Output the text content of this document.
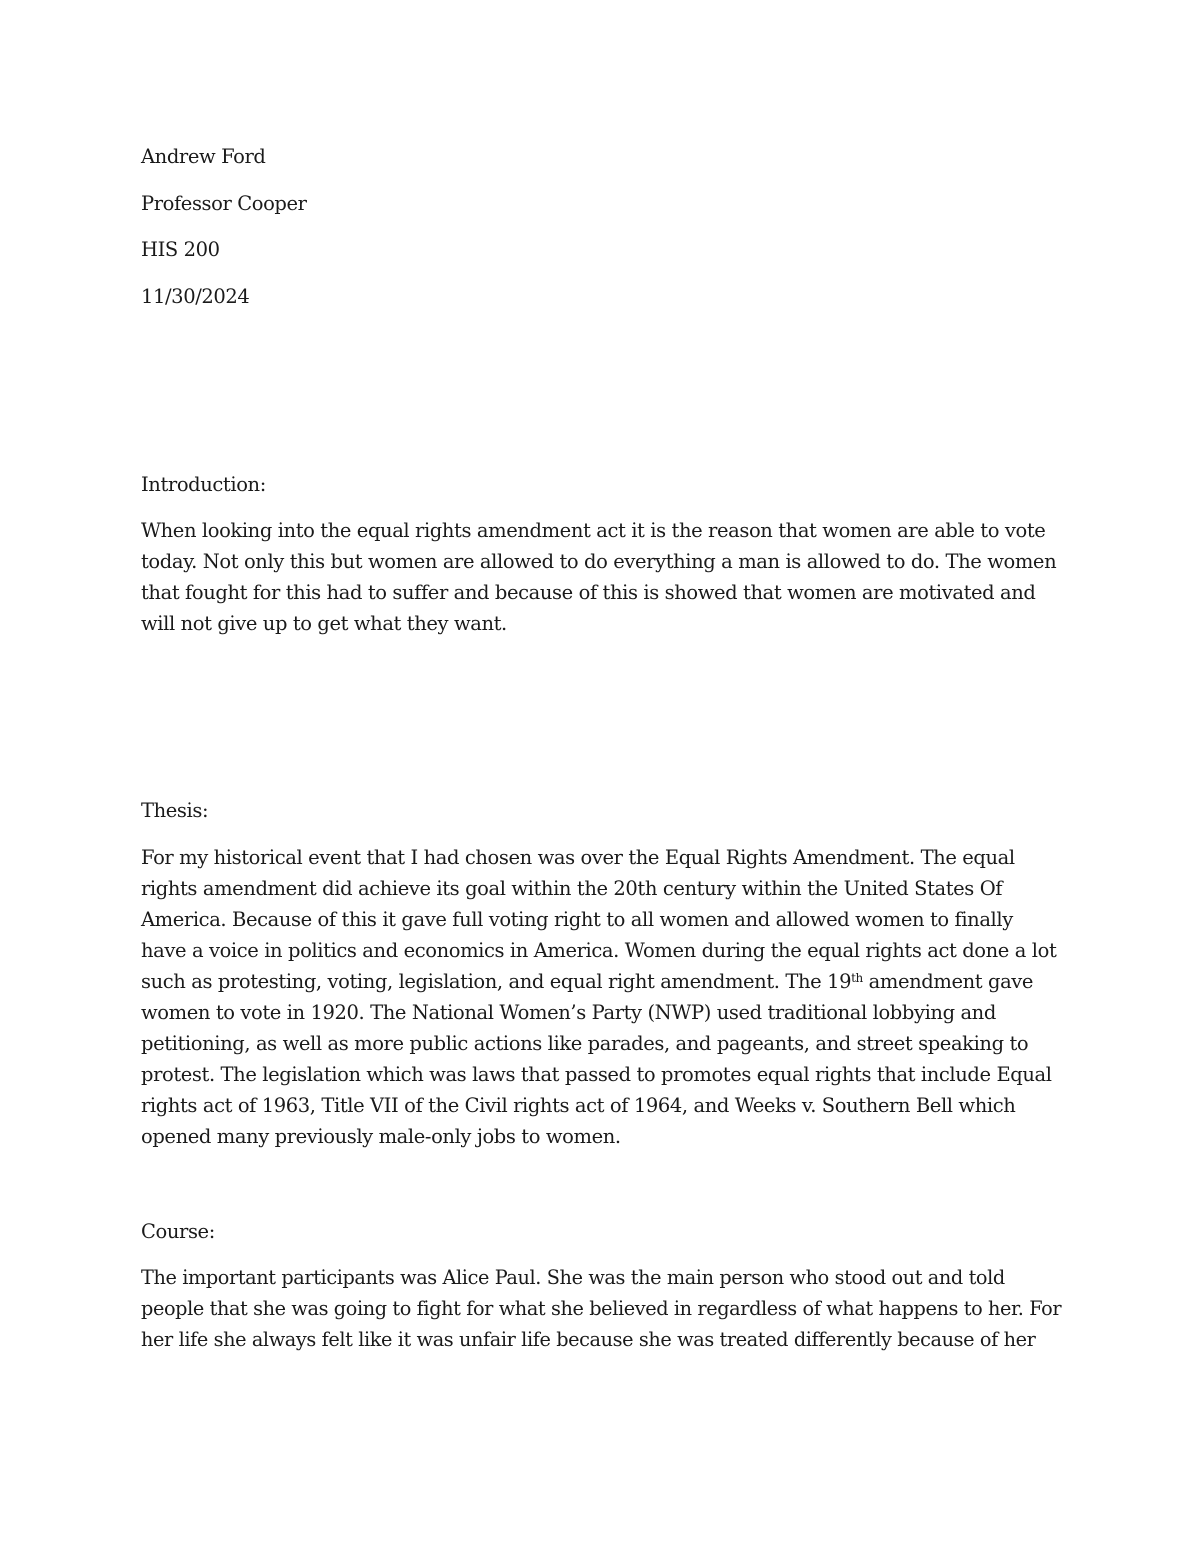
Andrew Ford

Professor Cooper

HIS 200

11/30/2024

Introduction:

When looking into the equal rights amendment act it is the reason that women are able to vote
today. Not only this but women are allowed to do everything a man is allowed to do. The women
that fought for this had to suffer and because of this is showed that women are motivated and
will not give up to get what they want.

Thesis:

For my historical event that I had chosen was over the Equal Rights Amendment. The equal
rights amendment did achieve its goal within the 20th century within the United States Of
America. Because of this it gave full voting right to all women and allowed women to finally
have a voice in politics and economics in America. Women during the equal rights act done a lot
such as protesting, voting, legislation, and equal right amendment. The 19th amendment gave
women to vote in 1920. The National Women’s Party (NWP) used traditional lobbying and
petitioning, as well as more public actions like parades, and pageants, and street speaking to
protest. The legislation which was laws that passed to promotes equal rights that include Equal
rights act of 1963, Title VII of the Civil rights act of 1964, and Weeks v. Southern Bell which
opened many previously male-only jobs to women.

Course:

The important participants was Alice Paul. She was the main person who stood out and told
people that she was going to fight for what she believed in regardless of what happens to her. For
her life she always felt like it was unfair life because she was treated differently because of her
